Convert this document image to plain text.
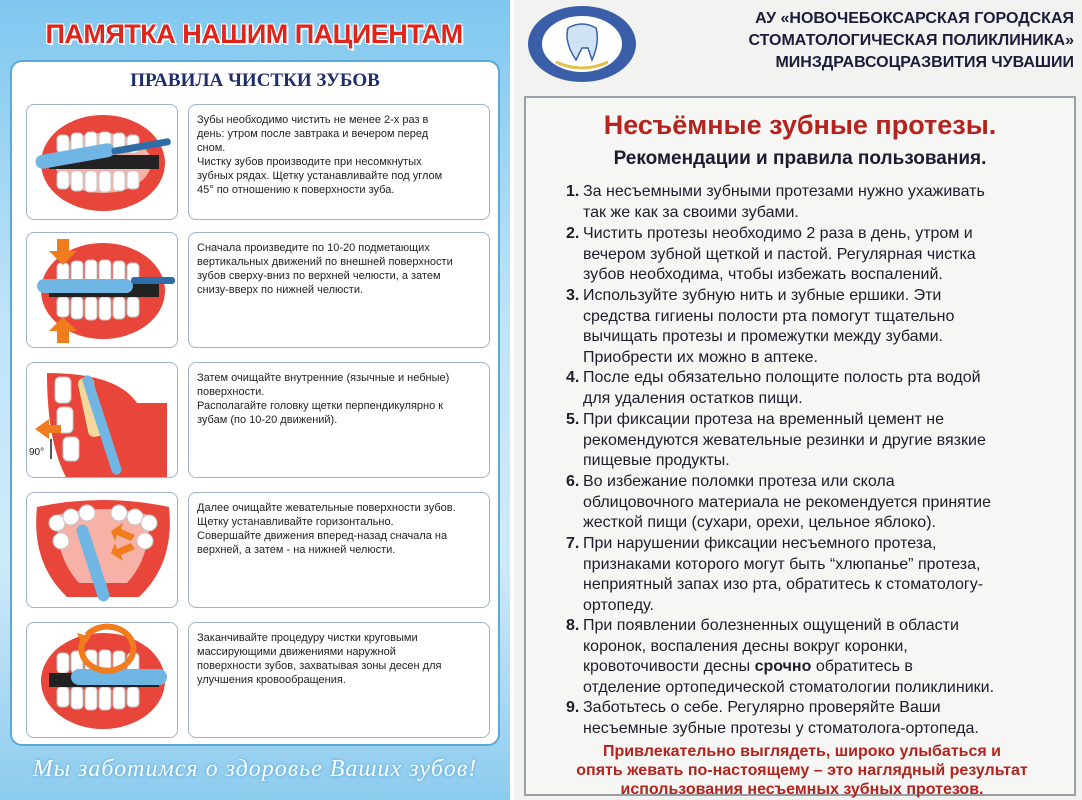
ПАМЯТКА НАШИМ ПАЦИЕНТАМ
ПРАВИЛА ЧИСТКИ ЗУБОВ
Зубы необходимо чистить не менее 2-х раз в
день: утром после завтрака и вечером перед
сном.
Чистку зубов производите при несомкнутых
зубных рядах. Щетку устанавливайте под углом
45° по отношению к поверхности зуба.
Сначала произведите по 10-20 подметающих
вертикальных движений по внешней поверхности
зубов сверху-вниз по верхней челюсти, а затем
снизу-вверх по нижней челюсти.
90°
Затем очищайте внутренние (язычные и небные)
поверхности.
Располагайте головку щетки перпендикулярно к
зубам (по 10-20 движений).
Далее очищайте жевательные поверхности зубов.
Щетку устанавливайте горизонтально.
Совершайте движения вперед-назад сначала на
верхней, а затем - на нижней челюсти.
Заканчивайте процедуру чистки круговыми
массирующими движениями наружной
поверхности зубов, захватывая зоны десен для
улучшения кровообращения.
Мы заботимся о здоровье Ваших зубов!
АУ «НОВОЧЕБОКСАРСКАЯ ГОРОДСКАЯ
СТОМАТОЛОГИЧЕСКАЯ ПОЛИКЛИНИКА»
МИНЗДРАВСОЦРАЗВИТИЯ ЧУВАШИИ
Несъёмные зубные протезы.
Рекомендации и правила пользования.
1. За несъемными зубными протезами нужно ухаживать
так же как за своими зубами.
2. Чистить протезы необходимо 2 раза в день, утром и
вечером зубной щеткой и пастой. Регулярная чистка
зубов необходима, чтобы избежать воспалений.
3. Используйте зубную нить и зубные ершики. Эти
средства гигиены полости рта помогут тщательно
вычищать протезы и промежутки между зубами.
Приобрести их можно в аптеке.
4. После еды обязательно полощите полость рта водой
для удаления остатков пищи.
5. При фиксации протеза на временный цемент не
рекомендуются жевательные резинки и другие вязкие
пищевые продукты.
6. Во избежание поломки протеза или скола
облицовочного материала не рекомендуется принятие
жесткой пищи (сухари, орехи, цельное яблоко).
7. При нарушении фиксации несъемного протеза,
признаками которого могут быть “хлюпанье” протеза,
неприятный запах изо рта, обратитесь к стоматологу-
ортопеду.
8. При появлении болезненных ощущений в области
коронок, воспаления десны вокруг коронки,
кровоточивости десны срочно обратитесь в
отделение ортопедической стоматологии поликлиники.
9. Заботьтесь о себе. Регулярно проверяйте Ваши
несъемные зубные протезы у стоматолога-ортопеда.
Привлекательно выглядеть, широко улыбаться и
опять жевать по-настоящему – это наглядный результат
использования несъемных зубных протезов.
